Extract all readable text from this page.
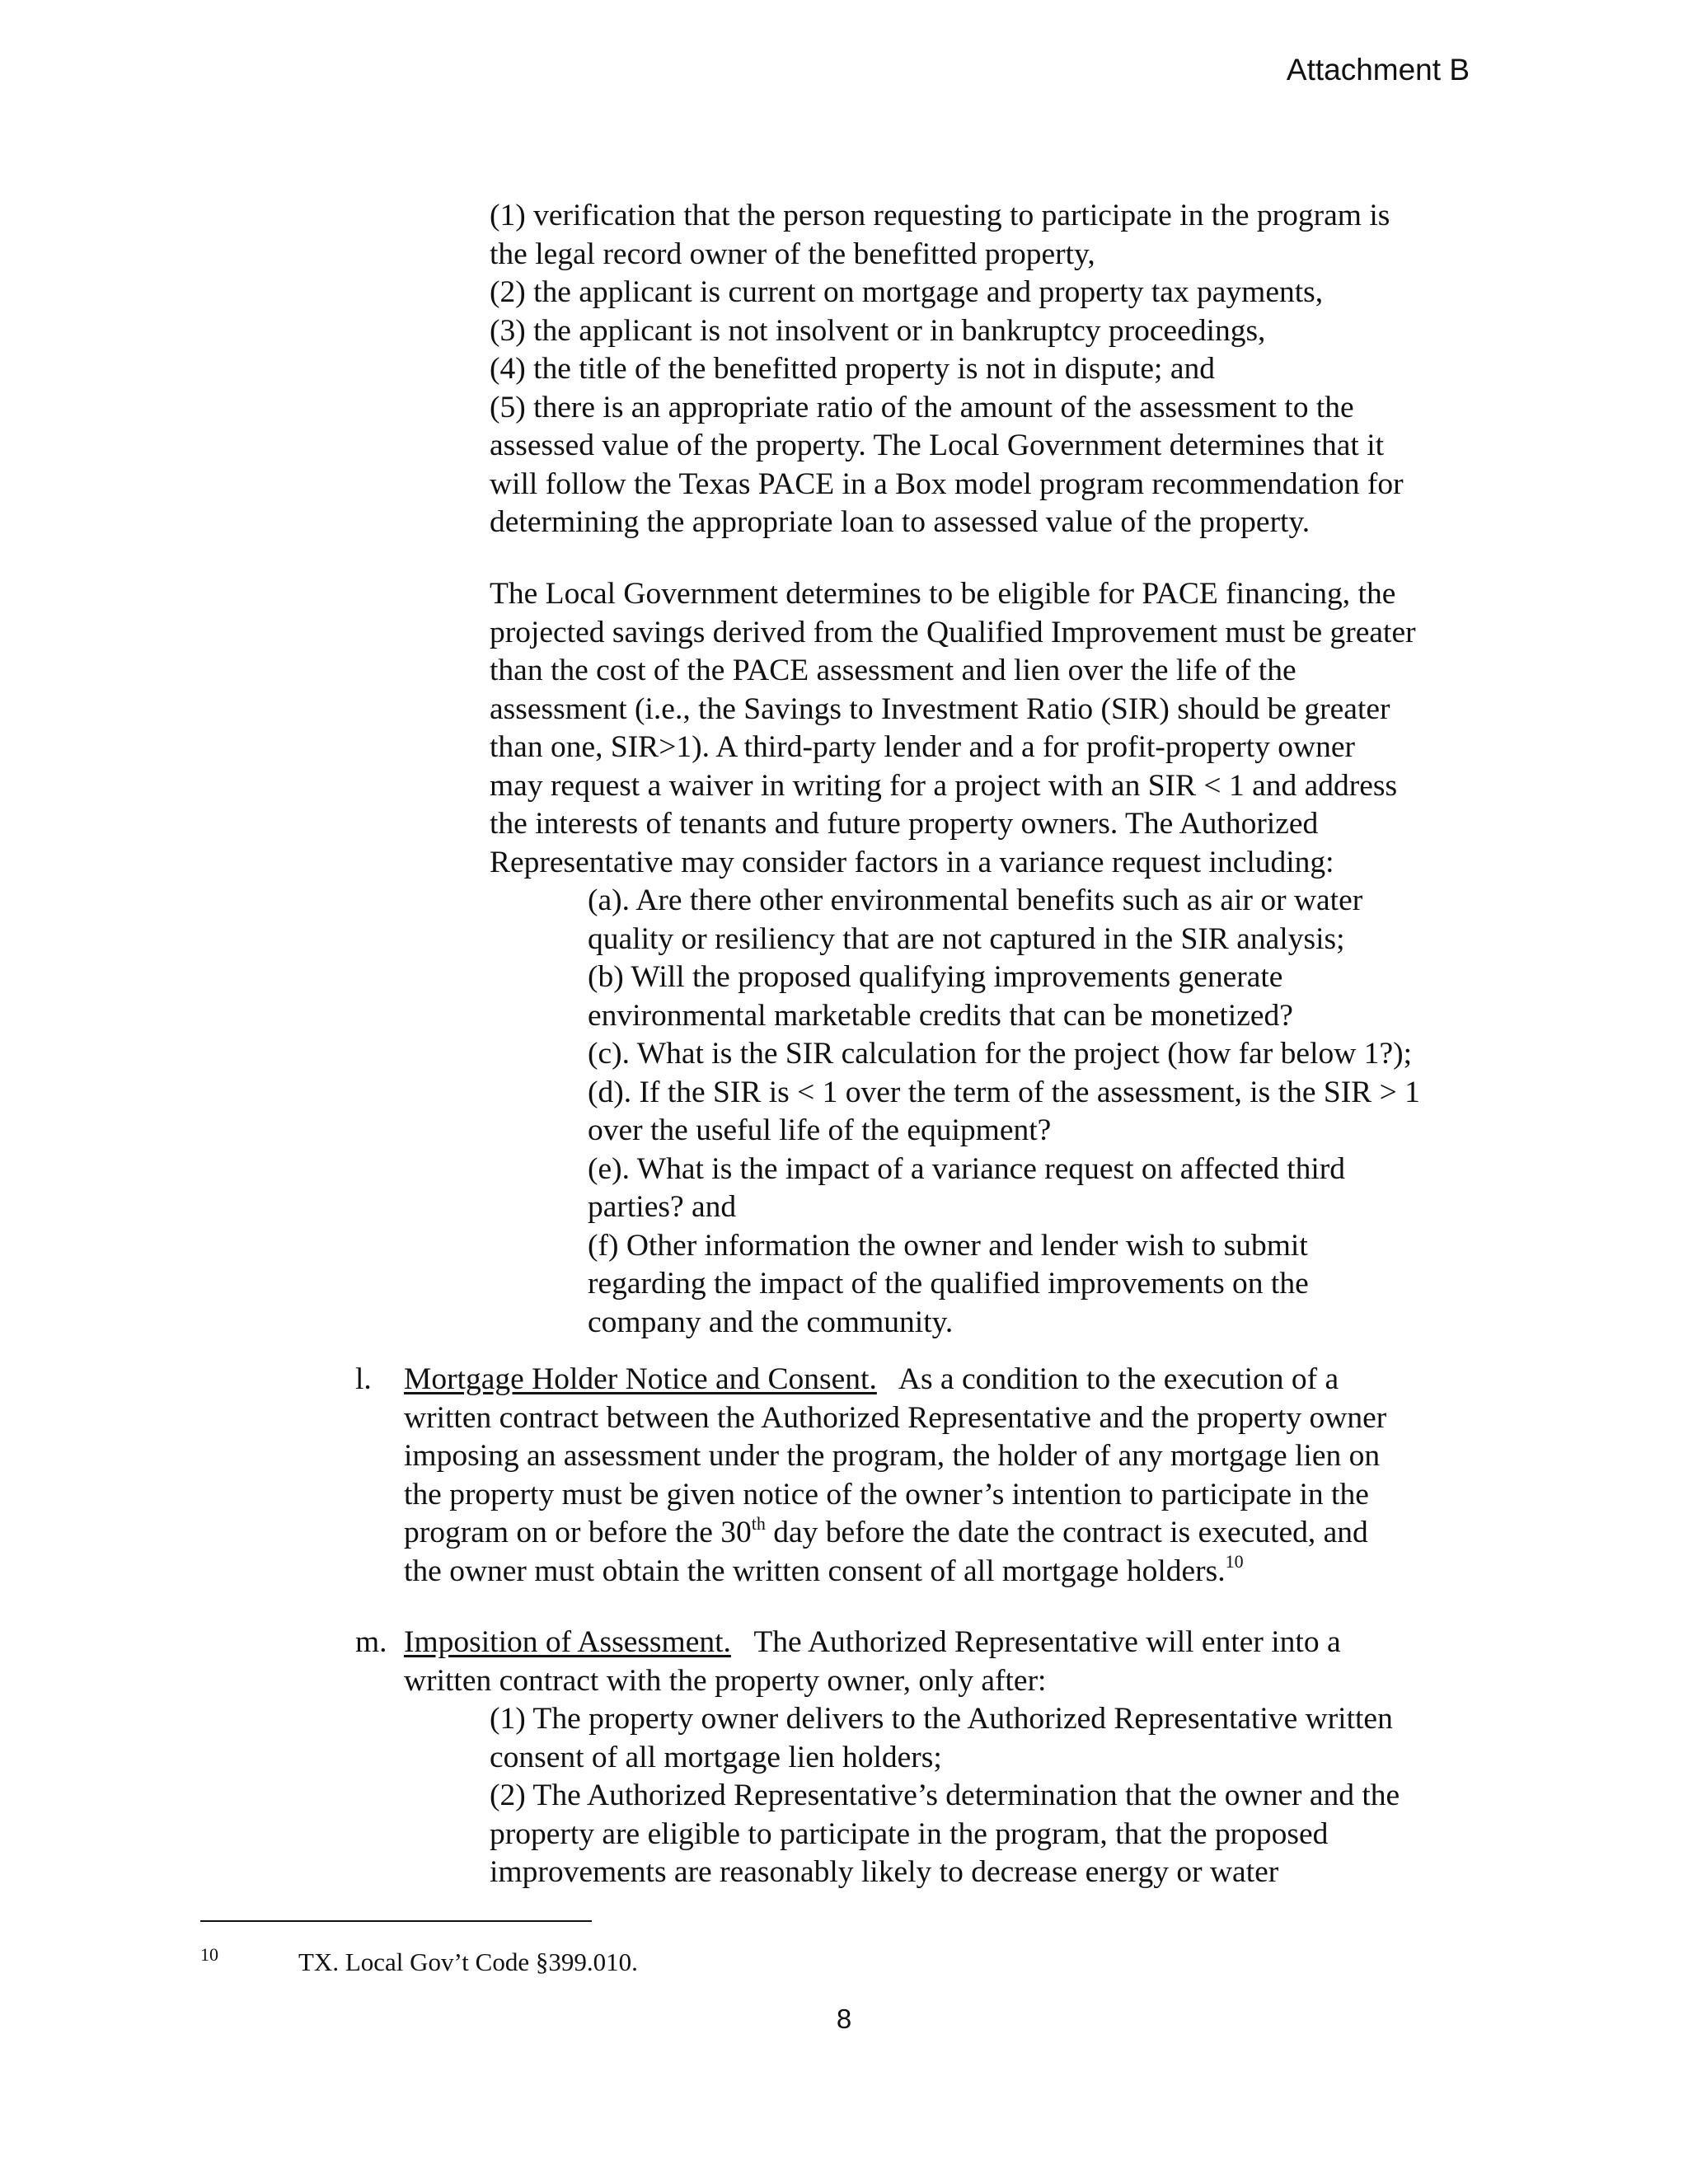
Attachment B
(1) verification that the person requesting to participate in the program is
the legal record owner of the benefitted property,
(2) the applicant is current on mortgage and property tax payments,
(3) the applicant is not insolvent or in bankruptcy proceedings,
(4) the title of the benefitted property is not in dispute; and
(5) there is an appropriate ratio of the amount of the assessment to the
assessed value of the property. The Local Government determines that it
will follow the Texas PACE in a Box model program recommendation for
determining the appropriate loan to assessed value of the property.
The Local Government determines to be eligible for PACE financing, the
projected savings derived from the Qualified Improvement must be greater
than the cost of the PACE assessment and lien over the life of the
assessment (i.e., the Savings to Investment Ratio (SIR) should be greater
than one, SIR>1). A third-party lender and a for profit-property owner
may request a waiver in writing for a project with an SIR < 1 and address
the interests of tenants and future property owners. The Authorized
Representative may consider factors in a variance request including:
(a). Are there other environmental benefits such as air or water
quality or resiliency that are not captured in the SIR analysis;
(b) Will the proposed qualifying improvements generate
environmental marketable credits that can be monetized?
(c). What is the SIR calculation for the project (how far below 1?);
(d). If the SIR is < 1 over the term of the assessment, is the SIR > 1
over the useful life of the equipment?
(e). What is the impact of a variance request on affected third
parties? and
(f) Other information the owner and lender wish to submit
regarding the impact of the qualified improvements on the
company and the community.
l. Mortgage Holder Notice and Consent.   As a condition to the execution of a
written contract between the Authorized Representative and the property owner
imposing an assessment under the program, the holder of any mortgage lien on
the property must be given notice of the owner’s intention to participate in the
program on or before the 30th day before the date the contract is executed, and
the owner must obtain the written consent of all mortgage holders.$^{10}$
m. Imposition of Assessment.   The Authorized Representative will enter into a
written contract with the property owner, only after:
(1) The property owner delivers to the Authorized Representative written
consent of all mortgage lien holders;
(2) The Authorized Representative’s determination that the owner and the
property are eligible to participate in the program, that the proposed
improvements are reasonably likely to decrease energy or water
10	TX. Local Gov’t Code §399.010.
8
